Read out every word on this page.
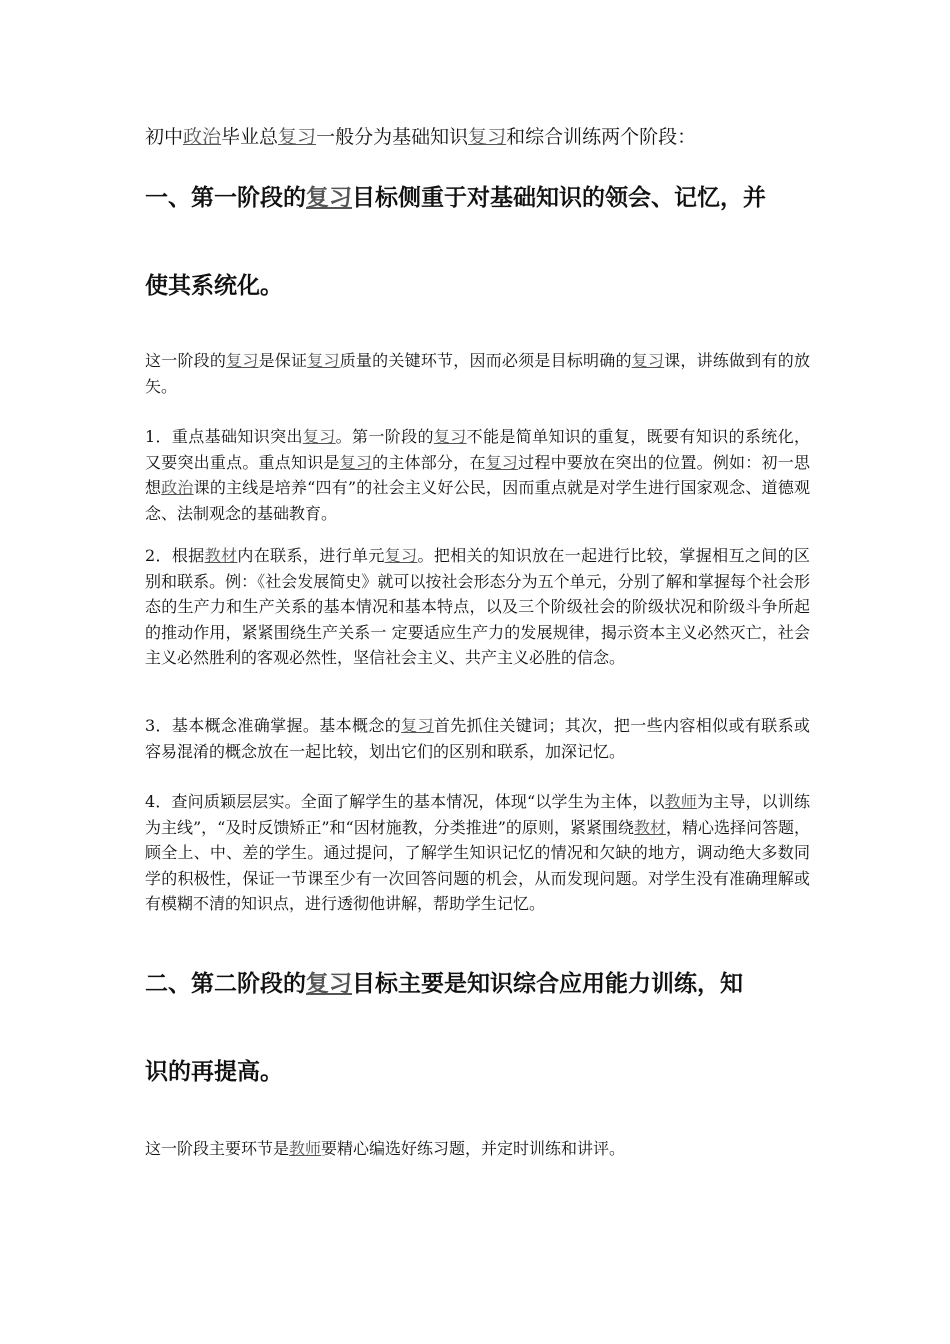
初中政治毕业总复习一般分为基础知识复习和综合训练两个阶段：
一、第一阶段的复习目标侧重于对基础知识的领会、记忆，并
使其系统化。

这一阶段的复习是保证复习质量的关键环节，因而必须是目标明确的复习课，讲练做到有的放矢。

1．重点基础知识突出复习。第一阶段的复习不能是简单知识的重复，既要有知识的系统化，又要突出重点。重点知识是复习的主体部分，在复习过程中要放在突出的位置。例如：初一思想政治课的主线是培养“四有”的社会主义好公民，因而重点就是对学生进行国家观念、道德观念、法制观念的基础教育。

2．根据教材内在联系，进行单元复习。把相关的知识放在一起进行比较，掌握相互之间的区别和联系。例：《社会发展简史》就可以按社会形态分为五个单元，分别了解和掌握每个社会形态的生产力和生产关系的基本情况和基本特点，以及三个阶级社会的阶级状况和阶级斗争所起的推动作用，紧紧围绕生产关系一 定要适应生产力的发展规律，揭示资本主义必然灭亡，社会主义必然胜利的客观必然性，坚信社会主义、共产主义必胜的信念。

3．基本概念准确掌握。基本概念的复习首先抓住关键词；其次，把一些内容相似或有联系或容易混淆的概念放在一起比较，划出它们的区别和联系，加深记忆。

4．查问质颖层层实。全面了解学生的基本情况，体现“以学生为主体，以教师为主导，以训练为主线”，“及时反馈矫正”和“因材施教，分类推进”的原则，紧紧围绕教材，精心选择问答题，顾全上、中、差的学生。通过提问，了解学生知识记忆的情况和欠缺的地方，调动绝大多数同学的积极性，保证一节课至少有一次回答问题的机会，从而发现问题。对学生没有准确理解或有模糊不清的知识点，进行透彻他讲解，帮助学生记忆。

二、第二阶段的复习目标主要是知识综合应用能力训练，知
识的再提高。

这一阶段主要环节是教师要精心编选好练习题，并定时训练和讲评。
